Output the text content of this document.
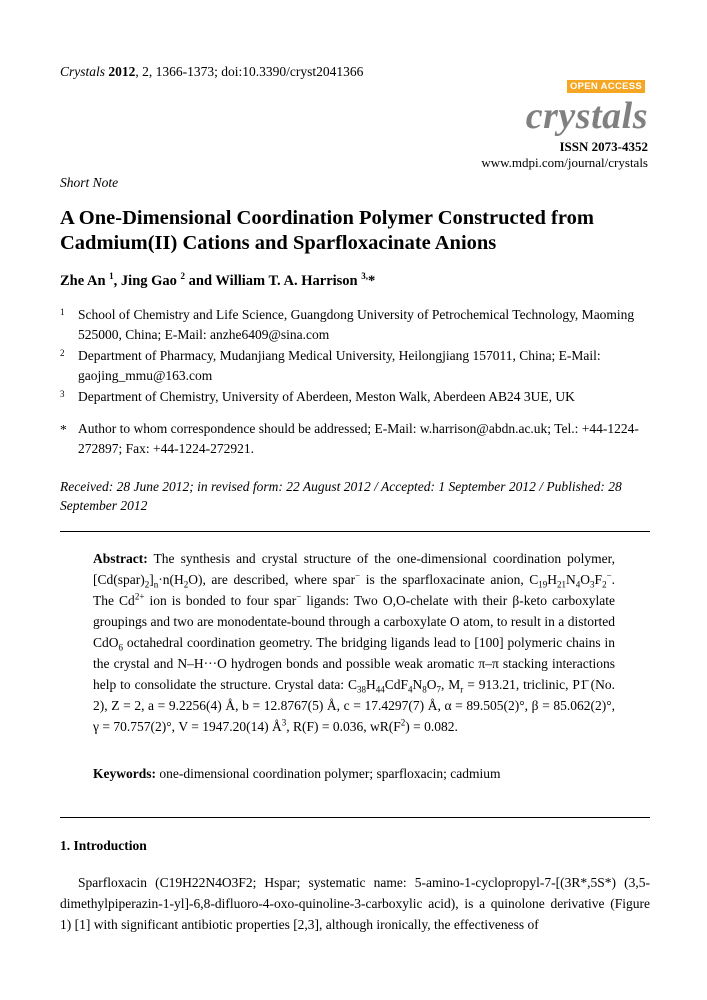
Crystals 2012, 2, 1366-1373; doi:10.3390/cryst2041366
OPEN ACCESS
crystals
ISSN 2073-4352
www.mdpi.com/journal/crystals
Short Note
A One-Dimensional Coordination Polymer Constructed from Cadmium(II) Cations and Sparfloxacinate Anions
Zhe An $^1$, Jing Gao $^2$ and William T. A. Harrison $^{3,}$*
1 School of Chemistry and Life Science, Guangdong University of Petrochemical Technology, Maoming 525000, China; E-Mail: anzhe6409@sina.com
2 Department of Pharmacy, Mudanjiang Medical University, Heilongjiang 157011, China; E-Mail: gaojing_mmu@163.com
3 Department of Chemistry, University of Aberdeen, Meston Walk, Aberdeen AB24 3UE, UK
* Author to whom correspondence should be addressed; E-Mail: w.harrison@abdn.ac.uk; Tel.: +44-1224-272897; Fax: +44-1224-272921.
Received: 28 June 2012; in revised form: 22 August 2012 / Accepted: 1 September 2012 / Published: 28 September 2012
Abstract: The synthesis and crystal structure of the one-dimensional coordination polymer, $[Cd(spar)_2]_n\cdot n(H_2O)$, are described, where spar− is the sparfloxacinate anion, $C_{19}H_{21}N_4O_3F_2^-$. The $Cd^{2+}$ ion is bonded to four spar− ligands: Two O,O-chelate with their β-keto carboxylate groupings and two are monodentate-bound through a carboxylate O atom, to result in a distorted CdO$_6$ octahedral coordination geometry. The bridging ligands lead to [100] polymeric chains in the crystal and N–H···O hydrogen bonds and possible weak aromatic π–π stacking interactions help to consolidate the structure. Crystal data: $C_{38}H_{44}CdF_4N_8O_7$, $M_r = 913.21$, triclinic, P1̄ (No. 2), Z = 2, a = 9.2256(4) Å, b = 12.8767(5) Å, c = 17.4297(7) Å, α = 89.505(2)°, β = 85.062(2)°, γ = 70.757(2)°, V = 1947.20(14) $Å^3$, R(F) = 0.036, $wR(F^2) = 0.082$.
Keywords: one-dimensional coordination polymer; sparfloxacin; cadmium
1. Introduction

Sparfloxacin (C19H22N4O3F2; Hspar; systematic name: 5-amino-1-cyclopropyl-7-[(3R*,5S*) (3,5-dimethylpiperazin-1-yl]-6,8-difluoro-4-oxo-quinoline-3-carboxylic acid), is a quinolone derivative (Figure 1) [1] with significant antibiotic properties [2,3], although ironically, the effectiveness of
